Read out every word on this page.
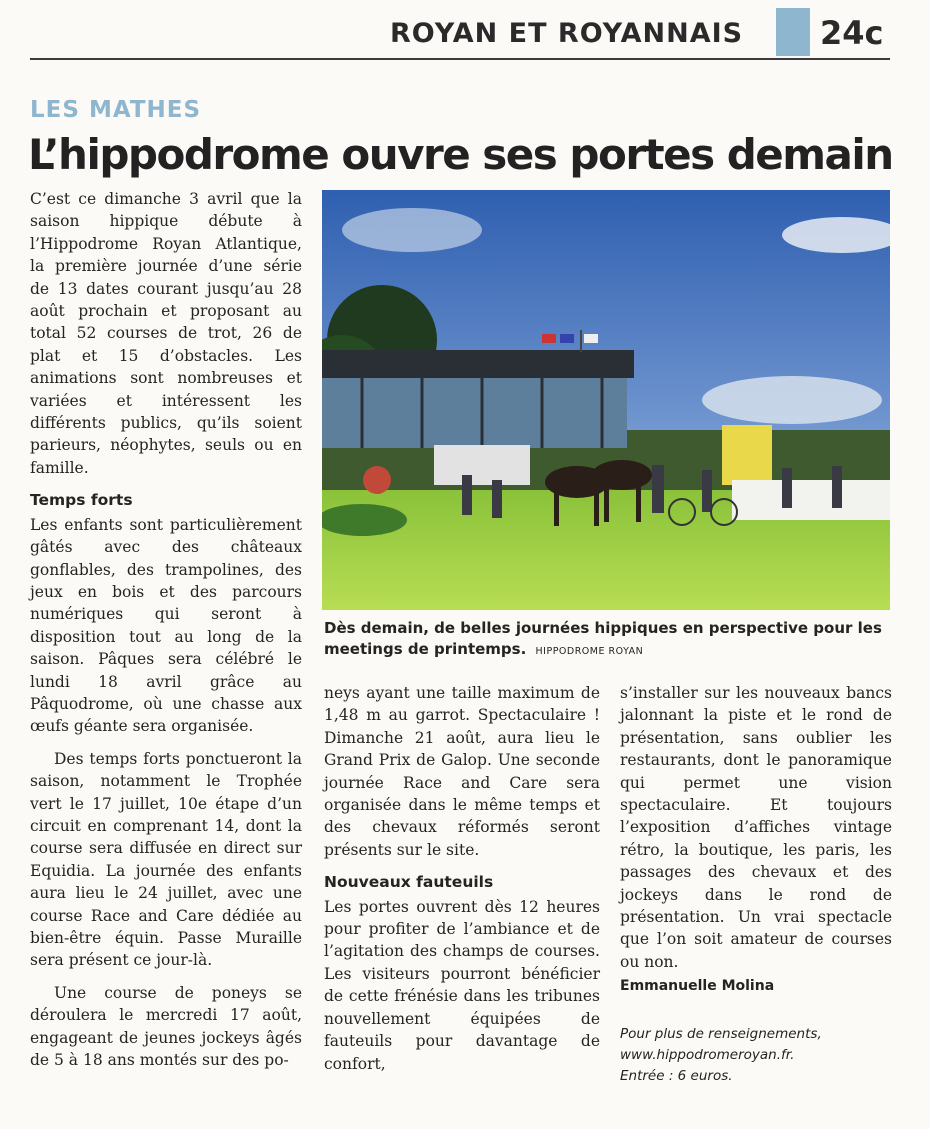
ROYAN ET ROYANNAIS 24c
LES MATHES
L’hippodrome ouvre ses portes demain

C’est ce dimanche 3 avril que la saison hippique débute à l’Hippodrome Royan Atlantique, la première journée d’une série de 13 dates courant jusqu’au 28 août prochain et proposant au total 52 courses de trot, 26 de plat et 15 d’obstacles. Les animations sont nombreuses et variées et intéressent les différents publics, qu’ils soient parieurs, néophytes, seuls ou en famille.

Temps forts

Les enfants sont particulièrement gâtés avec des châteaux gonflables, des trampolines, des jeux en bois et des parcours numériques qui seront à disposition tout au long de la saison. Pâques sera célébré le lundi 18 avril grâce au Pâquodrome, où une chasse aux œufs géante sera organisée.

Des temps forts ponctueront la saison, notamment le Trophée vert le 17 juillet, 10e étape d’un circuit en comprenant 14, dont la course sera diffusée en direct sur Equidia. La journée des enfants aura lieu le 24 juillet, avec une course Race and Care dédiée au bien-être équin. Passe Muraille sera présent ce jour-là.

Une course de poneys se déroulera le mercredi 17 août, engageant de jeunes jockeys âgés de 5 à 18 ans montés sur des po-

Dès demain, de belles journées hippiques en perspective pour les meetings de printemps. HIPPODROME ROYAN

neys ayant une taille maximum de 1,48 m au garrot. Spectaculaire ! Dimanche 21 août, aura lieu le Grand Prix de Galop. Une seconde journée Race and Care sera organisée dans le même temps et des chevaux réformés seront présents sur le site.

Nouveaux fauteuils

Les portes ouvrent dès 12 heures pour profiter de l’ambiance et de l’agitation des champs de courses. Les visiteurs pourront bénéficier de cette frénésie dans les tribunes nouvellement équipées de fauteuils pour davantage de confort,

s’installer sur les nouveaux bancs jalonnant la piste et le rond de présentation, sans oublier les restaurants, dont le panoramique qui permet une vision spectaculaire. Et toujours l’exposition d’affiches vintage rétro, la boutique, les paris, les passages des chevaux et des jockeys dans le rond de présentation. Un vrai spectacle que l’on soit amateur de courses ou non.

Emmanuelle Molina
Pour plus de renseignements,
www.hippodromeroyan.fr.
Entrée : 6 euros.
